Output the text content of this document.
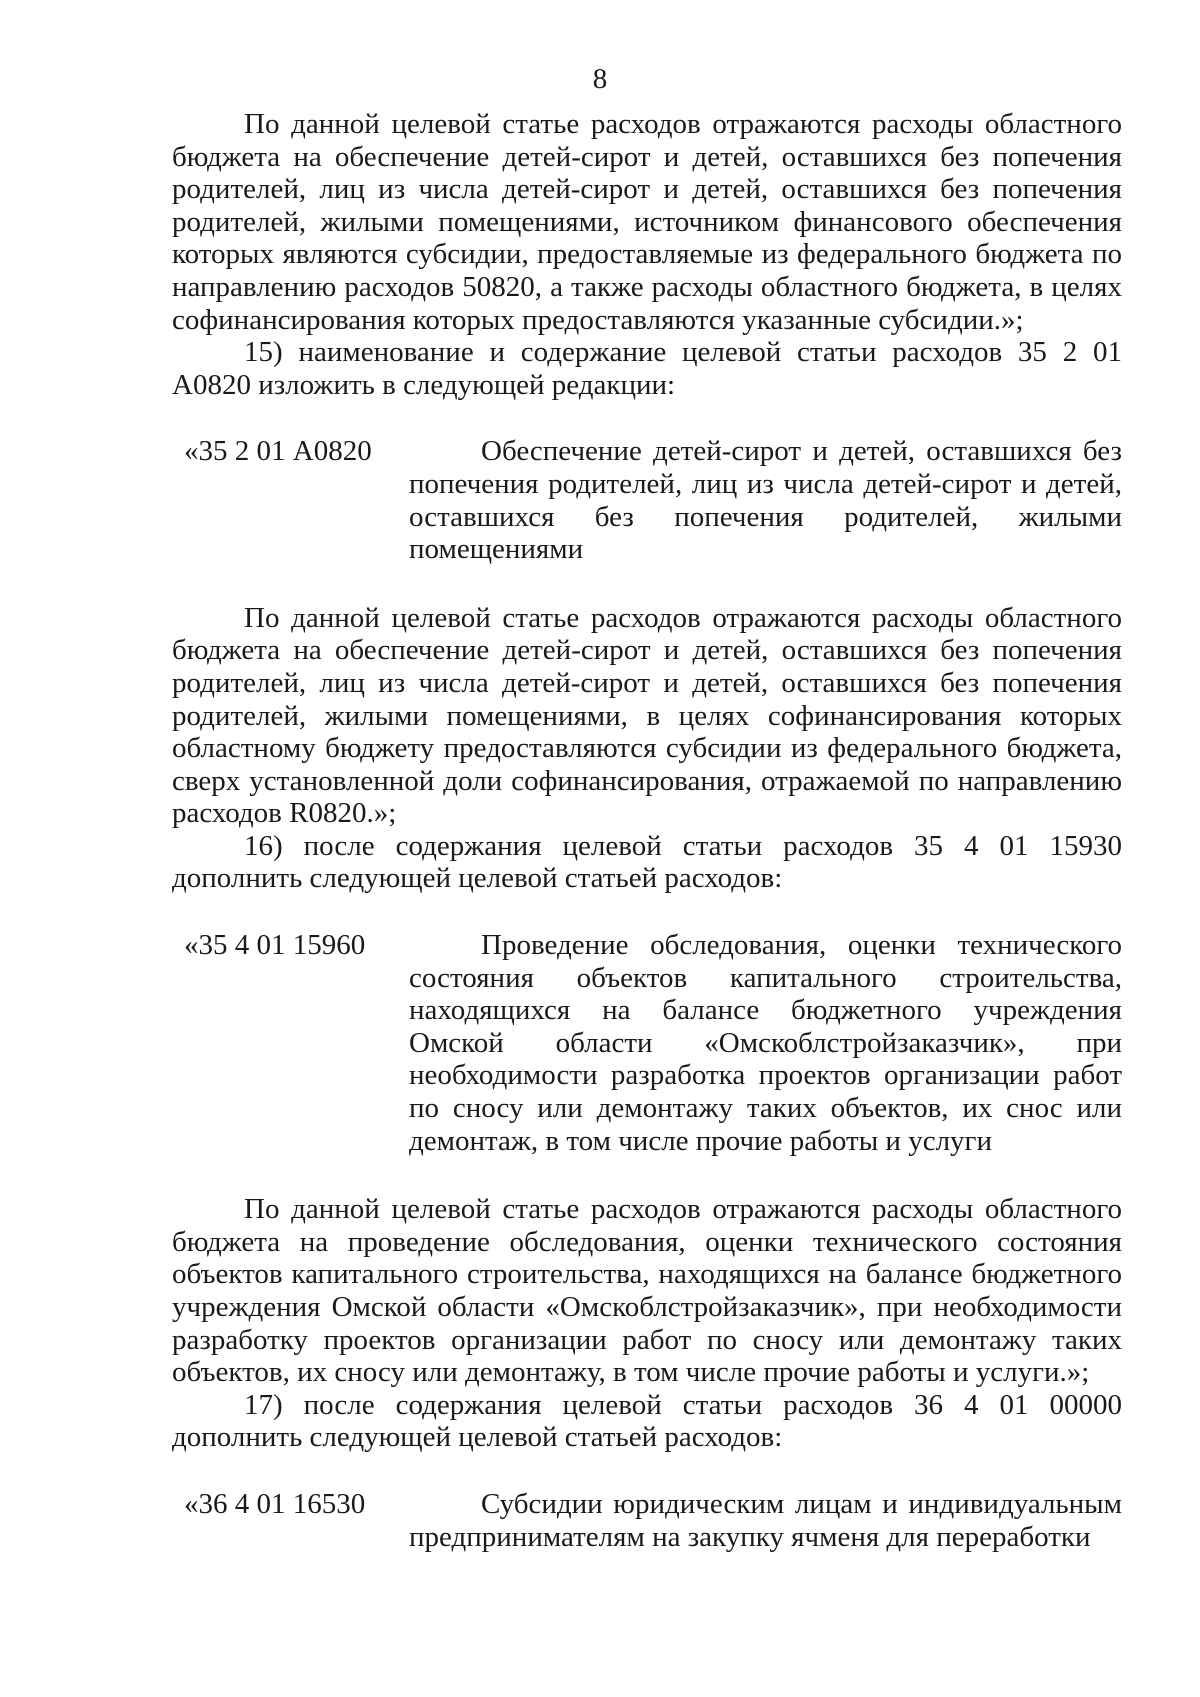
8

По данной целевой статье расходов отражаются расходы областного бюджета на обеспечение детей-сирот и детей, оставшихся без попечения родителей, лиц из числа детей-сирот и детей, оставшихся без попечения родителей, жилыми помещениями, источником финансового обеспечения которых являются субсидии, предоставляемые из федерального бюджета по направлению расходов 50820, а также расходы областного бюджета, в целях софинансирования которых предоставляются указанные субсидии.»;

15) наименование и содержание целевой статьи расходов 35 2 01 А0820 изложить в следующей редакции:

«35 2 01 А0820	Обеспечение детей-сирот и детей, оставшихся без попечения родителей, лиц из числа детей-сирот и детей, оставшихся без попечения родителей, жилыми помещениями

По данной целевой статье расходов отражаются расходы областного бюджета на обеспечение детей-сирот и детей, оставшихся без попечения родителей, лиц из числа детей-сирот и детей, оставшихся без попечения родителей, жилыми помещениями, в целях софинансирования которых областному бюджету предоставляются субсидии из федерального бюджета, сверх установленной доли софинансирования, отражаемой по направлению расходов R0820.»;

16) после содержания целевой статьи расходов 35 4 01 15930 дополнить следующей целевой статьей расходов:

«35 4 01 15960	Проведение обследования, оценки технического состояния объектов капитального строительства, находящихся на балансе бюджетного учреждения Омской области «Омскоблстройзаказчик», при необходимости разработка проектов организации работ по сносу или демонтажу таких объектов, их снос или демонтаж, в том числе прочие работы и услуги

По данной целевой статье расходов отражаются расходы областного бюджета на проведение обследования, оценки технического состояния объектов капитального строительства, находящихся на балансе бюджетного учреждения Омской области «Омскоблстройзаказчик», при необходимости разработку проектов организации работ по сносу или демонтажу таких объектов, их сносу или демонтажу, в том числе прочие работы и услуги.»;

17) после содержания целевой статьи расходов 36 4 01 00000 дополнить следующей целевой статьей расходов:

«36 4 01 16530	Субсидии юридическим лицам и индивидуальным предпринимателям на закупку ячменя для переработки
